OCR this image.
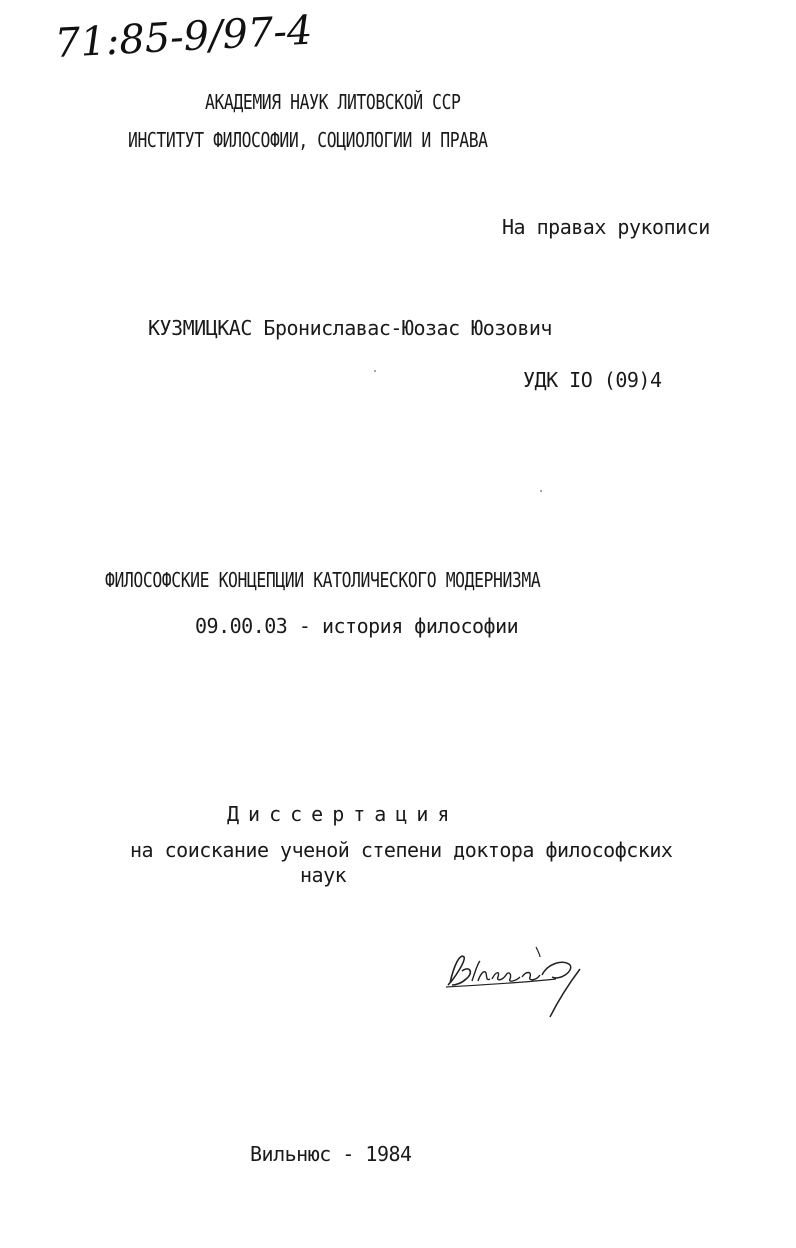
71:85-9/97-4
АКАДЕМИЯ НАУК ЛИТОВСКОЙ ССР
ИНСТИТУТ ФИЛОСОФИИ, СОЦИОЛОГИИ И ПРАВА
На правах рукописи
КУЗМИЦКАС Брониславас-Юозас Юозович
УДК IO (09)4
ФИЛОСОФСКИЕ КОНЦЕПЦИИ КАТОЛИЧЕСКОГО МОДЕРНИЗМА
09.00.03 - история философии
Диссертация
на соискание ученой степени доктора философских
наук
Вильнюс - 1984
